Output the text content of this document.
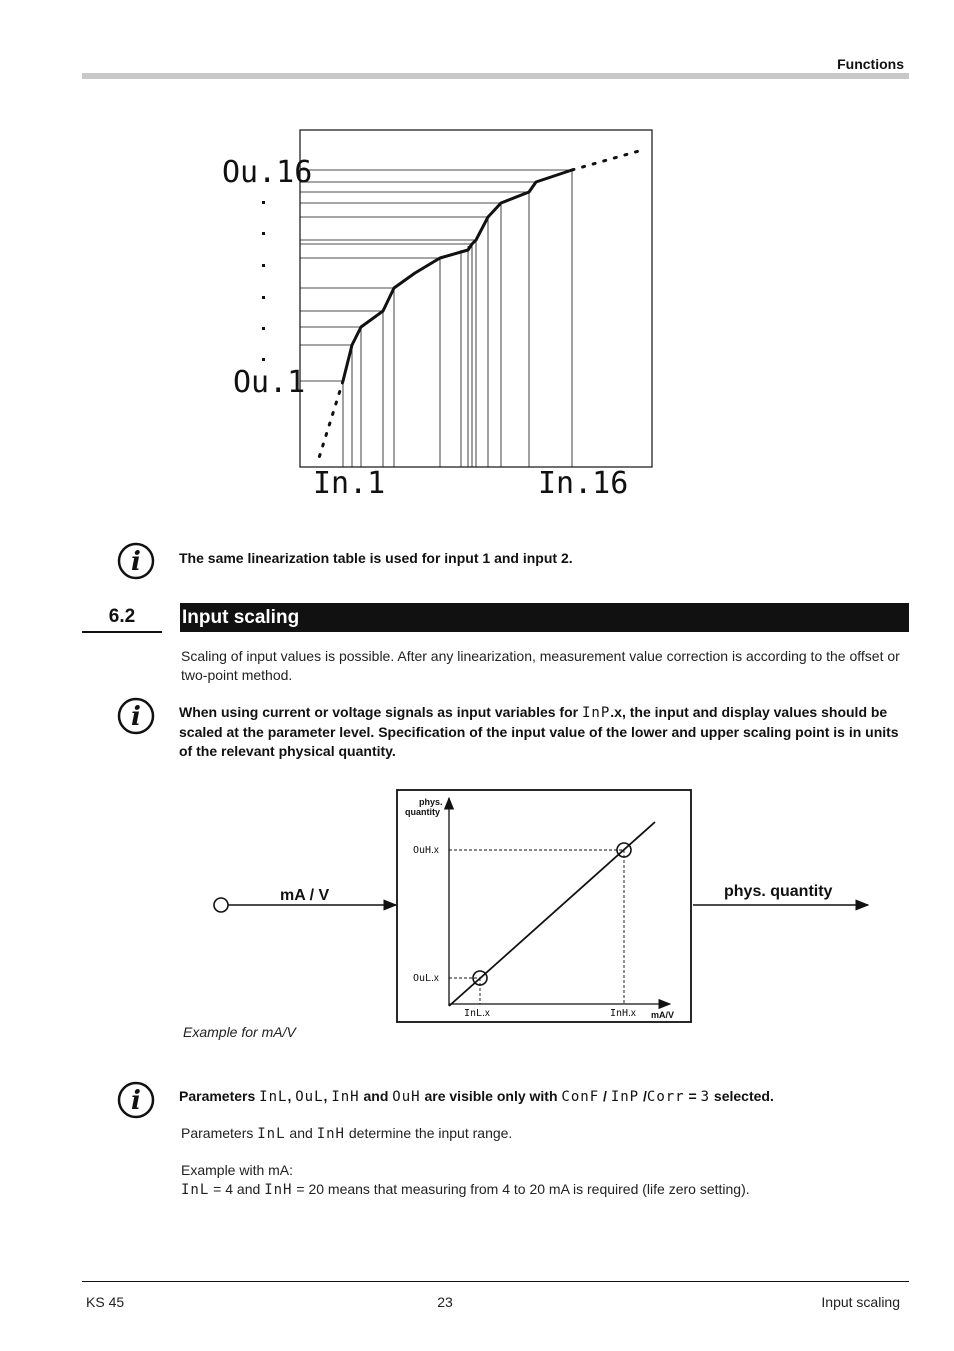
Functions
Ou.16
Ou.1
In.1	In.16
i	The same linearization table is used for input 1 and input 2.
6.2	Input scaling
Scaling of input values is possible. After any linearization, measurement value correction is according to the offset or two-point method.
i	When using current or voltage signals as input variables for InP.x, the input and display values should be scaled at the parameter level. Specification of the input value of the lower and upper scaling point is in units of the relevant physical quantity.
mA / V
phys.
quantity
mA/V
OuH.x
OuL.x
InL.x	InH.x
phys. quantity
Example for mA/V
i	Parameters InL, OuL, InH and OuH are visible only with ConF / InP /Corr = 3 selected.
Parameters InL and InH determine the input range.
Example with mA:
InL = 4 and InH = 20 means that measuring from 4 to 20 mA is required (life zero setting).
KS 45	23	Input scaling
